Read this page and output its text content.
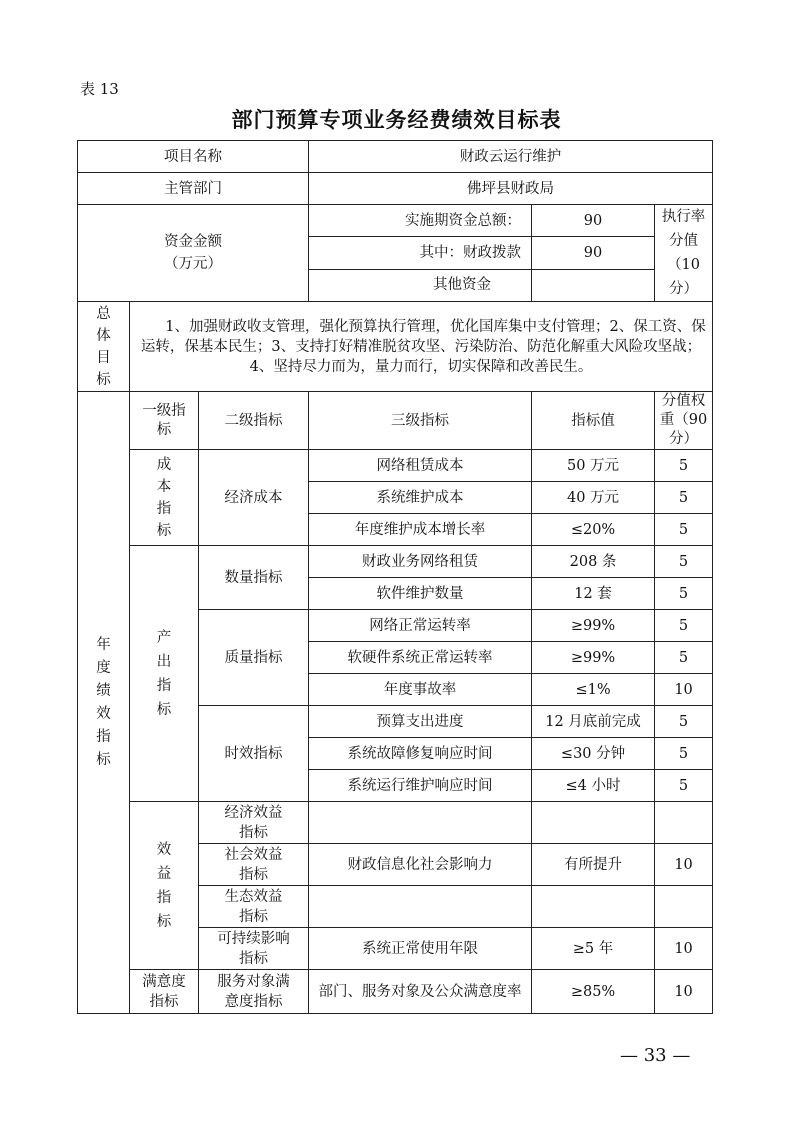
表 13
部门预算专项业务经费绩效目标表
项目名称			财政云运行维护		
主管部门			佛坪县财政局		

资金金额（万元）			实施期资金总额：	90	执行率分值（10 分）

			其中：财政拨款	90	
			其他资金		

总体目标	1、加强财政收支管理，强化预算执行管理，优化国库集中支付管理；2、保工资、保运转，保基本民生；3、支持打好精准脱贫攻坚、污染防治、防范化解重大风险攻坚战；4、坚持尽力而为，量力而行，切实保障和改善民生。				

年度绩效指标	一级指标	二级指标	三级指标	指标值	分值权重（90 分）

	成本指标	经济成本	网络租赁成本	50 万元	5
			系统维护成本	40 万元	5
			年度维护成本增长率	≤20%	5

	产出指标	数量指标	财政业务网络租赁	208 条	5
			软件维护数量	12 套	5
		质量指标	网络正常运转率	≥99%	5
			软硬件系统正常运转率	≥99%	5
			年度事故率	≤1%	10
		时效指标	预算支出进度	12 月底前完成	5
			系统故障修复响应时间	≤30 分钟	5
			系统运行维护响应时间	≤4 小时	5

	效益指标	经济效益指标			

		社会效益指标	财政信息化社会影响力	有所提升	10

		生态效益指标			

		可持续影响指标	系统正常使用年限	≥5 年	10

	满意度指标	服务对象满意度指标	部门、服务对象及公众满意度率	≥85%	10
— 33 —
